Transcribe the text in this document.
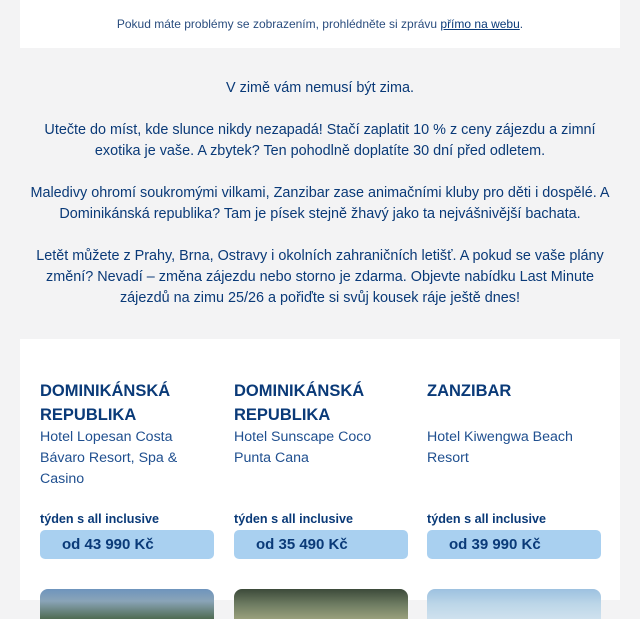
Pokud máte problémy se zobrazením, prohlédněte si zprávu přímo na webu.

V zimě vám nemusí být zima.

Utečte do míst, kde slunce nikdy nezapadá! Stačí zaplatit 10 % z ceny zájezdu a zimní exotika je vaše. A zbytek? Ten pohodlně doplatíte 30 dní před odletem.

Maledivy ohromí soukromými vilkami, Zanzibar zase animačními kluby pro děti i dospělé. A Dominikánská republika? Tam je písek stejně žhavý jako ta nejvášnivější bachata.

Letět můžete z Prahy, Brna, Ostravy i okolních zahraničních letišť. A pokud se vaše plány změní? Nevadí – změna zájezdu nebo storno je zdarma. Objevte nabídku Last Minute zájezdů na zimu 25/26 a pořiďte si svůj kousek ráje ještě dnes!

DOMINIKÁNSKÁ REPUBLIKA
Hotel Lopesan Costa Bávaro Resort, Spa & Casino
týden s all inclusive
od 43 990 Kč
DOMINIKÁNSKÁ REPUBLIKA
Hotel Sunscape Coco Punta Cana
týden s all inclusive
od 35 490 Kč
ZANZIBAR
Hotel Kiwengwa Beach Resort
týden s all inclusive
od 39 990 Kč
